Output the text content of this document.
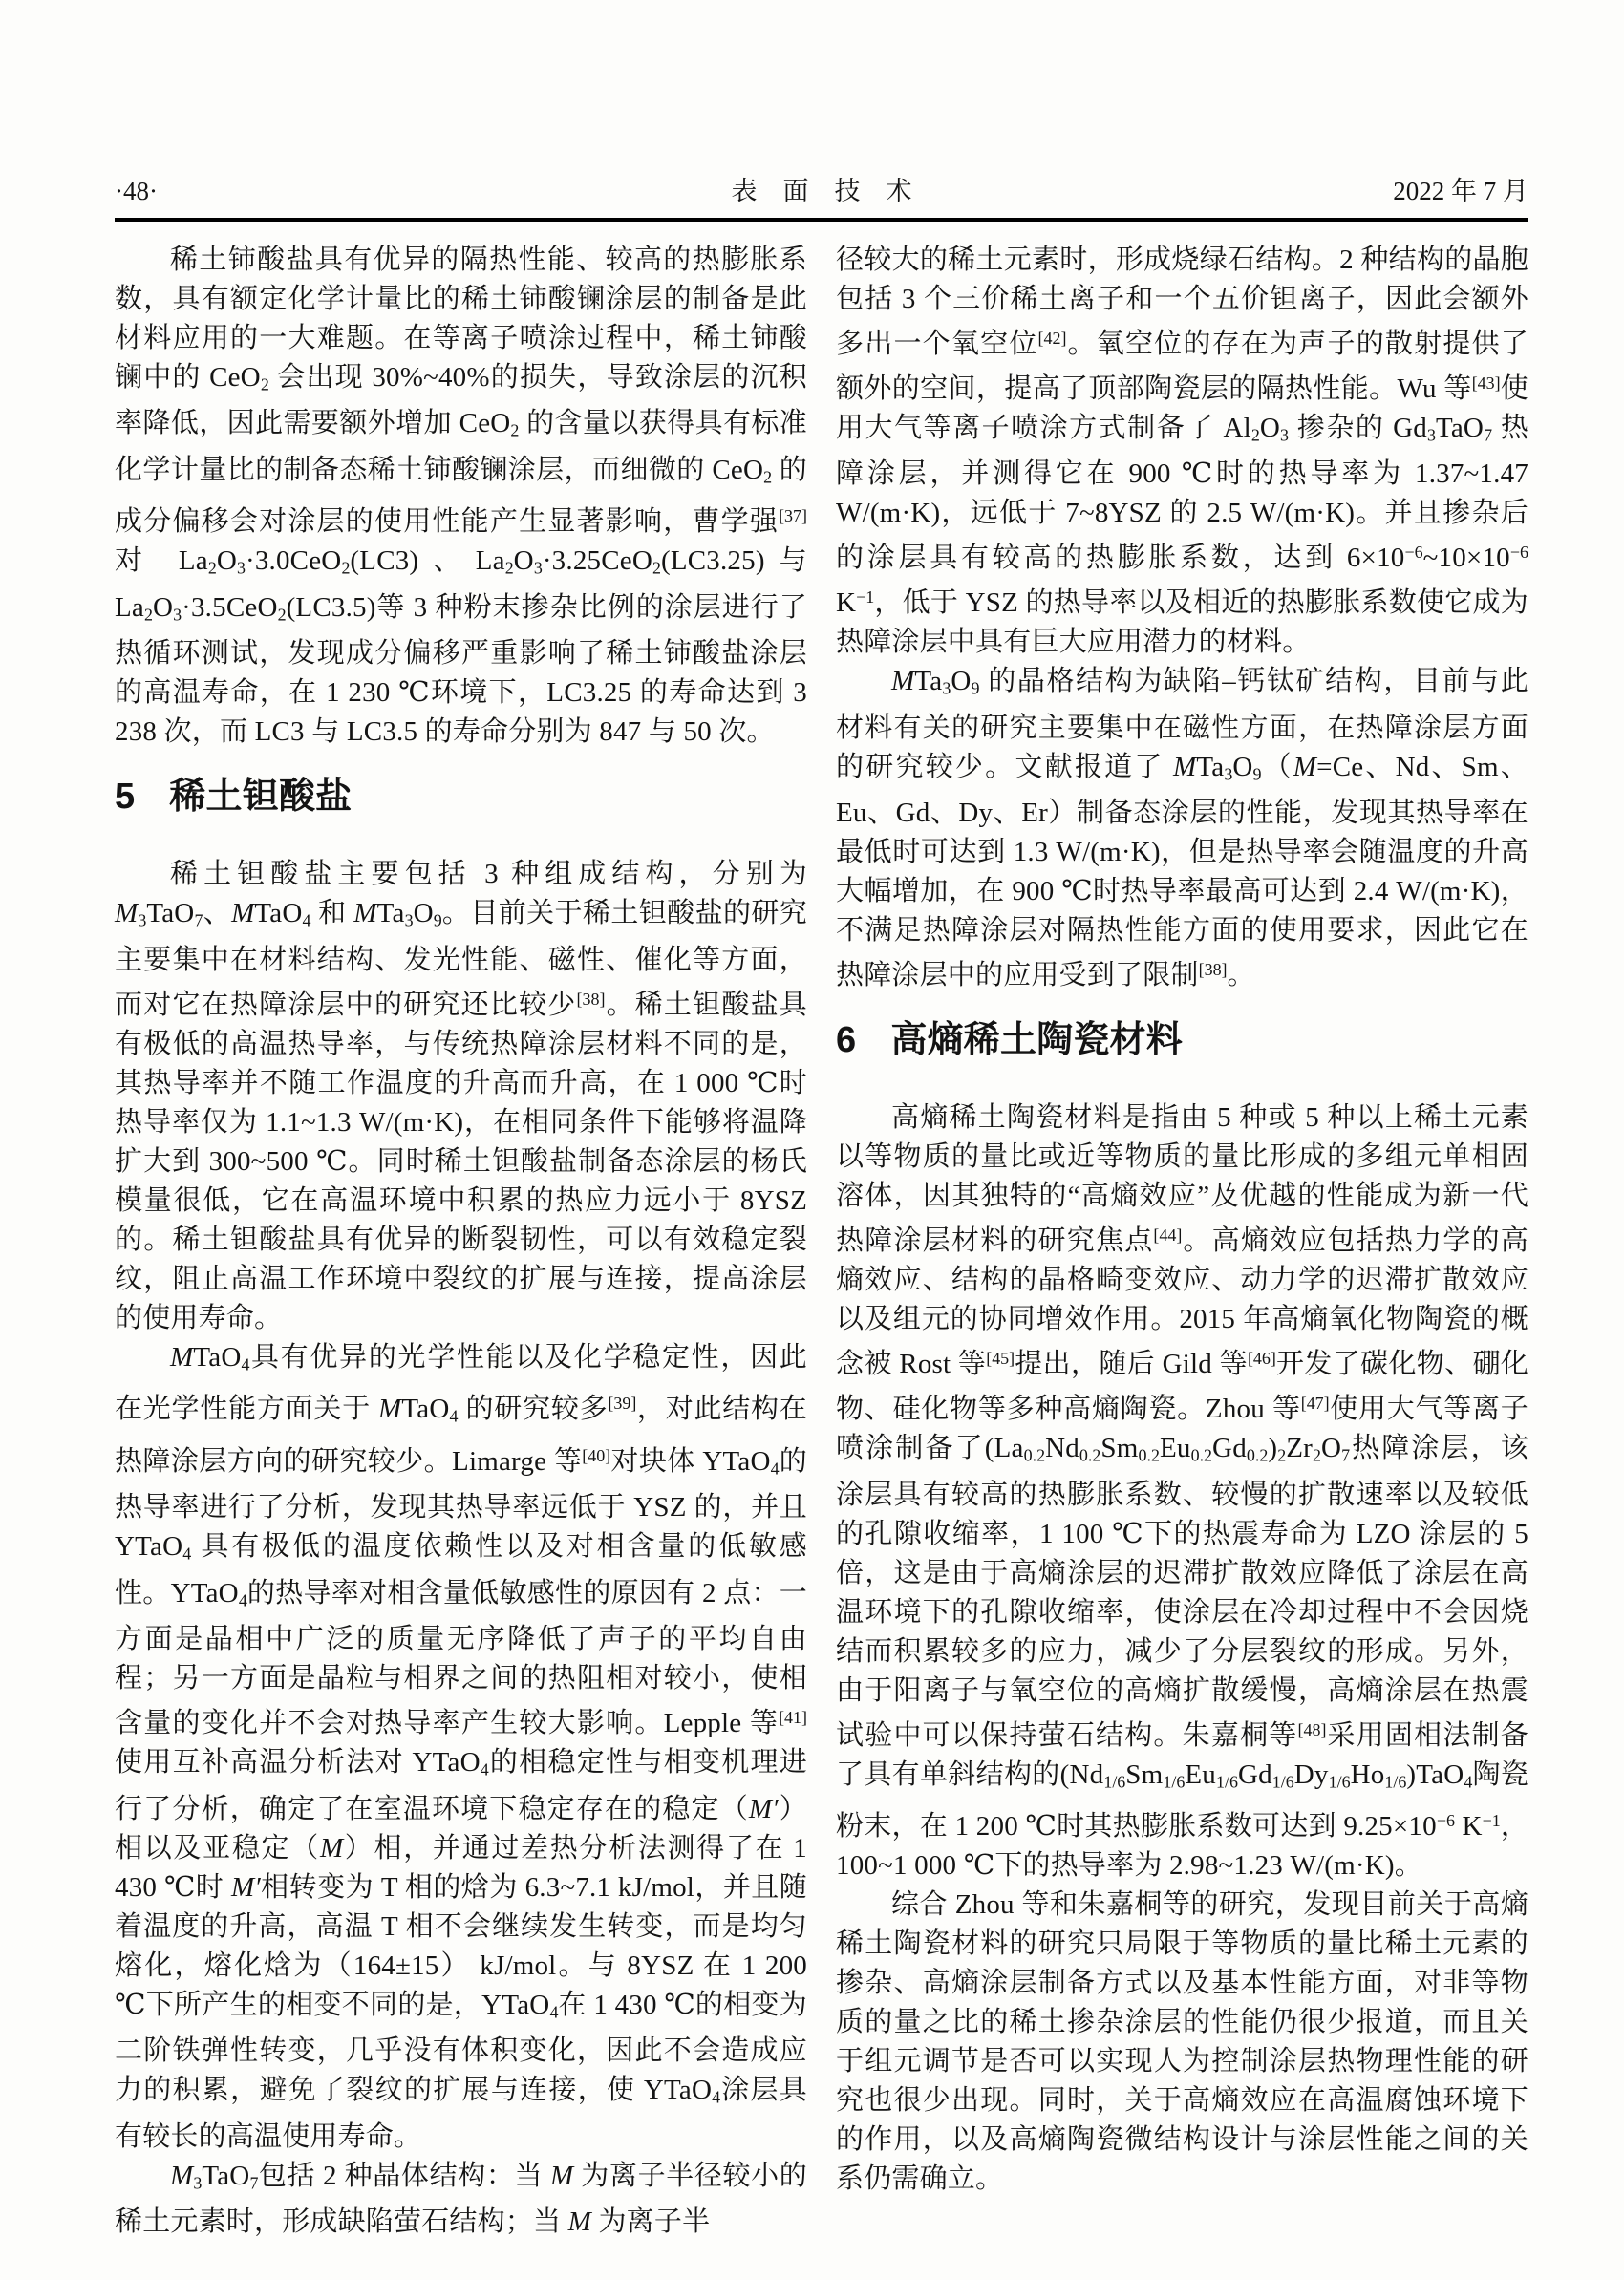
·48·	表　面　技　术	2022 年 7 月

稀土铈酸盐具有优异的隔热性能、较高的热膨胀系数，具有额定化学计量比的稀土铈酸镧涂层的制备是此材料应用的一大难题。在等离子喷涂过程中，稀土铈酸镧中的 CeO$_2$ 会出现 30%~40%的损失，导致涂层的沉积率降低，因此需要额外增加 CeO$_2$ 的含量以获得具有标准化学计量比的制备态稀土铈酸镧涂层，而细微的 CeO$_2$ 的成分偏移会对涂层的使用性能产生显著影响，曹学强[37]对 $La_2O_3\cdot 3.0CeO_2(LC3)$、$La_2O_3\cdot 3.25CeO_2(LC3.25)$与 $La_2O_3\cdot 3.5CeO_2(LC3.5)$等 3 种粉末掺杂比例的涂层进行了热循环测试，发现成分偏移严重影响了稀土铈酸盐涂层的高温寿命，在 1 230 ℃环境下，LC3.25 的寿命达到 3 238 次，而 LC3 与 LC3.5 的寿命分别为 847 与 50 次。

5 稀土钽酸盐

稀土钽酸盐主要包括 3 种组成结构，分别为 $M_3TaO_7$、MTaO$_4$ 和 $MTa_3O_9$。目前关于稀土钽酸盐的研究主要集中在材料结构、发光性能、磁性、催化等方面，而对它在热障涂层中的研究还比较少[38]。稀土钽酸盐具有极低的高温热导率，与传统热障涂层材料不同的是，其热导率并不随工作温度的升高而升高，在 1 000 ℃时热导率仅为 1.1~1.3 W/(m·K)，在相同条件下能够将温降扩大到 300~500 ℃。同时稀土钽酸盐制备态涂层的杨氏模量很低，它在高温环境中积累的热应力远小于 8YSZ 的。稀土钽酸盐具有优异的断裂韧性，可以有效稳定裂纹，阻止高温工作环境中裂纹的扩展与连接，提高涂层的使用寿命。

MTaO$_4$具有优异的光学性能以及化学稳定性，因此在光学性能方面关于 MTaO$_4$ 的研究较多[39]，对此结构在热障涂层方向的研究较少。Limarge 等[40]对块体 YTaO$_4$的热导率进行了分析，发现其热导率远低于 YSZ 的，并且 YTaO$_4$ 具有极低的温度依赖性以及对相含量的低敏感性。YTaO$_4$的热导率对相含量低敏感性的原因有 2 点：一方面是晶相中广泛的质量无序降低了声子的平均自由程；另一方面是晶粒与相界之间的热阻相对较小，使相含量的变化并不会对热导率产生较大影响。Lepple 等[41]使用互补高温分析法对 YTaO$_4$的相稳定性与相变机理进行了分析，确定了在室温环境下稳定存在的稳定（M′）相以及亚稳定（M）相，并通过差热分析法测得了在 1 430 ℃时 M′相转变为 T 相的焓为 6.3~7.1 kJ/mol，并且随着温度的升高，高温 T 相不会继续发生转变，而是均匀熔化，熔化焓为（164±15） kJ/mol。与 8YSZ 在 1 200 ℃下所产生的相变不同的是，YTaO$_4$在 1 430 ℃的相变为二阶铁弹性转变，几乎没有体积变化，因此不会造成应力的积累，避免了裂纹的扩展与连接，使 YTaO$_4$涂层具有较长的高温使用寿命。

$M_3TaO_7$包括 2 种晶体结构：当 M 为离子半径较小的稀土元素时，形成缺陷萤石结构；当 M 为离子半

径较大的稀土元素时，形成烧绿石结构。2 种结构的晶胞包括 3 个三价稀土离子和一个五价钽离子，因此会额外多出一个氧空位[42]。氧空位的存在为声子的散射提供了额外的空间，提高了顶部陶瓷层的隔热性能。Wu 等[43]使用大气等离子喷涂方式制备了 $Al_2O_3$ 掺杂的 $Gd_3TaO_7$ 热障涂层，并测得它在 900 ℃时的热导率为 1.37~1.47 W/(m·K)，远低于 7~8YSZ 的 2.5 W/(m·K)。并且掺杂后的涂层具有较高的热膨胀系数，达到 $6\times 10^{-6}\sim 10\times 10^{-6}$ $K^{-1}$，低于 YSZ 的热导率以及相近的热膨胀系数使它成为热障涂层中具有巨大应用潜力的材料。

$MTa_3O_9$ 的晶格结构为缺陷–钙钛矿结构，目前与此材料有关的研究主要集中在磁性方面，在热障涂层方面的研究较少。文献报道了 $MTa_3O_9(M=Ce$、Nd、Sm、Eu、Gd、Dy、Er）制备态涂层的性能，发现其热导率在最低时可达到 1.3 W/(m·K)，但是热导率会随温度的升高大幅增加，在 900 ℃时热导率最高可达到 2.4 W/(m·K)，不满足热障涂层对隔热性能方面的使用要求，因此它在热障涂层中的应用受到了限制[38]。

6 高熵稀土陶瓷材料

高熵稀土陶瓷材料是指由 5 种或 5 种以上稀土元素以等物质的量比或近等物质的量比形成的多组元单相固溶体，因其独特的“高熵效应”及优越的性能成为新一代热障涂层材料的研究焦点[44]。高熵效应包括热力学的高熵效应、结构的晶格畸变效应、动力学的迟滞扩散效应以及组元的协同增效作用。2015 年高熵氧化物陶瓷的概念被 Rost 等[45]提出，随后 Gild 等[46]开发了碳化物、硼化物、硅化物等多种高熵陶瓷。Zhou 等[47]使用大气等离子喷涂制备了$(La_{0.2}Nd_{0.2}Sm_{0.2}Eu_{0.2}Gd_{0.2})_2Zr_2O_7$热障涂层，该涂层具有较高的热膨胀系数、较慢的扩散速率以及较低的孔隙收缩率，1 100 ℃下的热震寿命为 LZO 涂层的 5 倍，这是由于高熵涂层的迟滞扩散效应降低了涂层在高温环境下的孔隙收缩率，使涂层在冷却过程中不会因烧结而积累较多的应力，减少了分层裂纹的形成。另外，由于阳离子与氧空位的高熵扩散缓慢，高熵涂层在热震试验中可以保持萤石结构。朱嘉桐等[48]采用固相法制备了具有单斜结构的$(Nd_{1/6}Sm_{1/6}Eu_{1/6}Gd_{1/6}Dy_{1/6}Ho_{1/6})TaO_4$陶瓷粉末，在 1 200 ℃时其热膨胀系数可达到 $9.25\times 10^{-6}$ $K^{-1}$，100~1 000 ℃下的热导率为 2.98~1.23 W/(m·K)。

综合 Zhou 等和朱嘉桐等的研究，发现目前关于高熵稀土陶瓷材料的研究只局限于等物质的量比稀土元素的掺杂、高熵涂层制备方式以及基本性能方面，对非等物质的量之比的稀土掺杂涂层的性能仍很少报道，而且关于组元调节是否可以实现人为控制涂层热物理性能的研究也很少出现。同时，关于高熵效应在高温腐蚀环境下的作用，以及高熵陶瓷微结构设计与涂层性能之间的关系仍需确立。
